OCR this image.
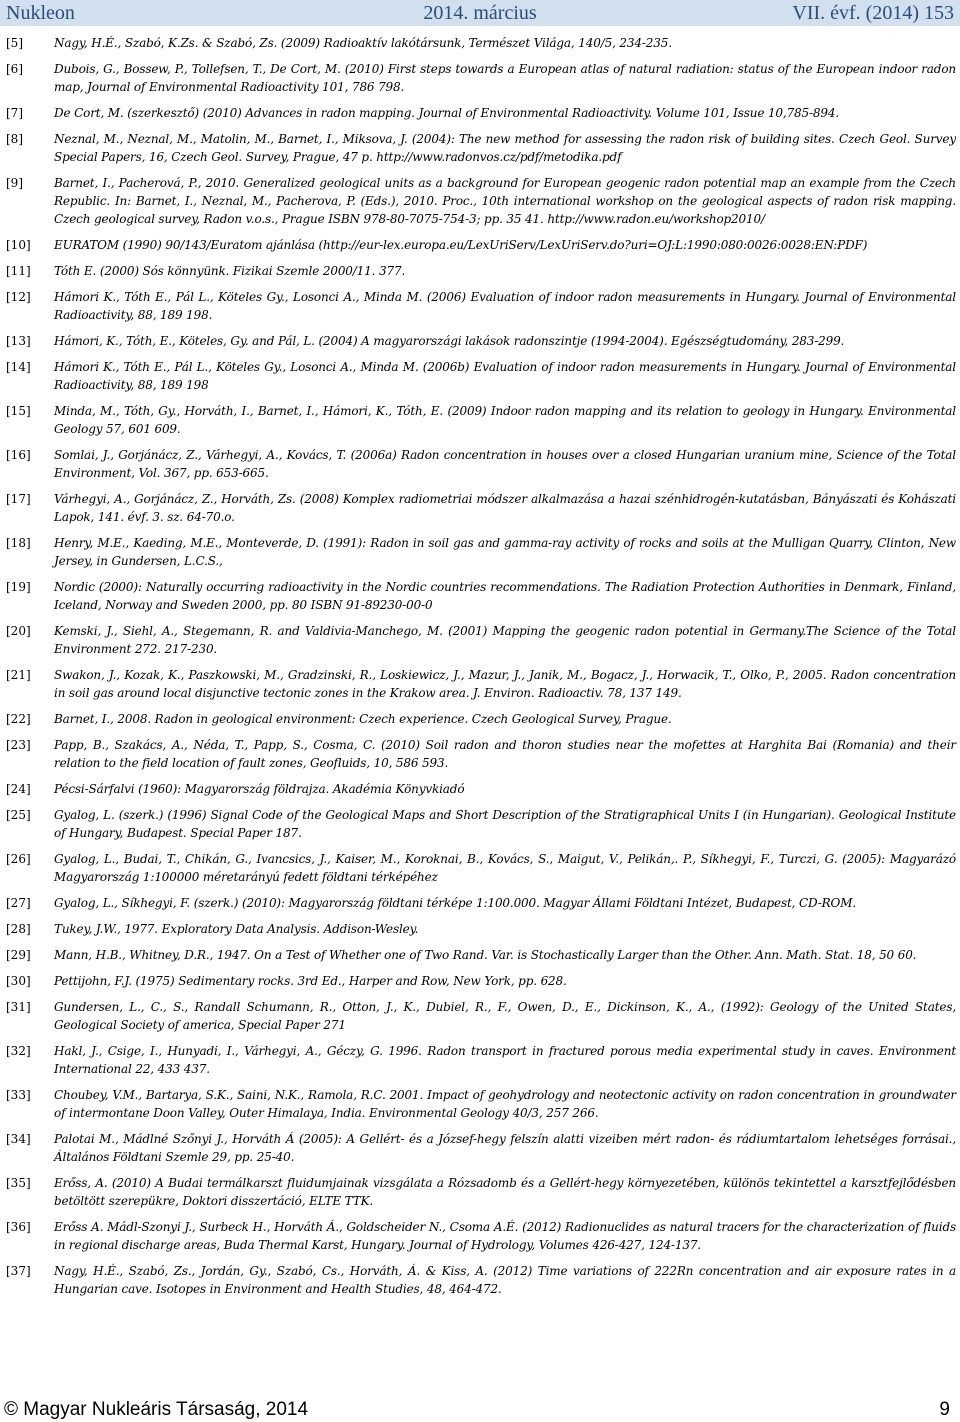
Nukleon	2014. március	VII. évf. (2014) 153
[5]	Nagy, H.É., Szabó, K.Zs. & Szabó, Zs. (2009) Radioaktív lakótársunk, Természet Világa, 140/5, 234-235.
[6]	Dubois, G., Bossew, P., Tollefsen, T., De Cort, M. (2010) First steps towards a European atlas of natural radiation: status of the European indoor radon map, Journal of Environmental Radioactivity 101, 786 798.
[7]	De Cort, M. (szerkesztő) (2010) Advances in radon mapping. Journal of Environmental Radioactivity. Volume 101, Issue 10,785-894.
[8]	Neznal, M., Neznal, M., Matolin, M., Barnet, I., Miksova, J. (2004): The new method for assessing the radon risk of building sites. Czech Geol. Survey Special Papers, 16, Czech Geol. Survey, Prague, 47 p. http://www.radonvos.cz/pdf/metodika.pdf
[9]	Barnet, I., Pacherová, P., 2010. Generalized geological units as a background for European geogenic radon potential map an example from the Czech Republic. In: Barnet, I., Neznal, M., Pacherova, P. (Eds.), 2010. Proc., 10th international workshop on the geological aspects of radon risk mapping. Czech geological survey, Radon v.o.s., Prague ISBN 978-80-7075-754-3; pp. 35 41. http://www.radon.eu/workshop2010/
[10]	EURATOM (1990) 90/143/Euratom ajánlása (http://eur-lex.europa.eu/LexUriServ/LexUriServ.do?uri=OJ:L:1990:080:0026:0028:EN:PDF)
[11]	Tóth E. (2000) Sós könnyünk. Fizikai Szemle 2000/11. 377.
[12]	Hámori K., Tóth E., Pál L., Köteles Gy., Losonci A., Minda M. (2006) Evaluation of indoor radon measurements in Hungary. Journal of Environmental Radioactivity, 88, 189 198.
[13]	Hámori, K., Tóth, E., Köteles, Gy. and Pál, L. (2004) A magyarországi lakások radonszintje (1994-2004). Egészségtudomány, 283-299.
[14]	Hámori K., Tóth E., Pál L., Köteles Gy., Losonci A., Minda M. (2006b) Evaluation of indoor radon measurements in Hungary. Journal of Environmental Radioactivity, 88, 189 198
[15]	Minda, M., Tóth, Gy., Horváth, I., Barnet, I., Hámori, K., Tóth, E. (2009) Indoor radon mapping and its relation to geology in Hungary. Environmental Geology 57, 601 609.
[16]	Somlai, J., Gorjánácz, Z., Várhegyi, A., Kovács, T. (2006a) Radon concentration in houses over a closed Hungarian uranium mine, Science of the Total Environment, Vol. 367, pp. 653-665.
[17]	Várhegyi, A., Gorjánácz, Z., Horváth, Zs. (2008) Komplex radiometriai módszer alkalmazása a hazai szénhidrogén-kutatásban, Bányászati és Kohászati Lapok, 141. évf. 3. sz. 64-70.o.
[18]	Henry, M.E., Kaeding, M.E., Monteverde, D. (1991): Radon in soil gas and gamma-ray activity of rocks and soils at the Mulligan Quarry, Clinton, New Jersey, in Gundersen, L.C.S.,
[19]	Nordic (2000): Naturally occurring radioactivity in the Nordic countries recommendations. The Radiation Protection Authorities in Denmark, Finland, Iceland, Norway and Sweden 2000, pp. 80 ISBN 91-89230-00-0
[20]	Kemski, J., Siehl, A., Stegemann, R. and Valdivia-Manchego, M. (2001) Mapping the geogenic radon potential in Germany.The Science of the Total Environment 272. 217-230.
[21]	Swakon, J., Kozak, K., Paszkowski, M., Gradzinski, R., Loskiewicz, J., Mazur, J., Janik, M., Bogacz, J., Horwacik, T., Olko, P., 2005. Radon concentration in soil gas around local disjunctive tectonic zones in the Krakow area. J. Environ. Radioactiv. 78, 137 149.
[22]	Barnet, I., 2008. Radon in geological environment: Czech experience. Czech Geological Survey, Prague.
[23]	Papp, B., Szakács, A., Néda, T., Papp, S., Cosma, C. (2010) Soil radon and thoron studies near the mofettes at Harghita Bai (Romania) and their relation to the field location of fault zones, Geofluids, 10, 586 593.
[24]	Pécsi-Sárfalvi (1960): Magyarország földrajza. Akadémia Könyvkiadó
[25]	Gyalog, L. (szerk.) (1996) Signal Code of the Geological Maps and Short Description of the Stratigraphical Units I (in Hungarian). Geological Institute of Hungary, Budapest. Special Paper 187.
[26]	Gyalog, L., Budai, T., Chikán, G., Ivancsics, J., Kaiser, M., Koroknai, B., Kovács, S., Maigut, V., Pelikán,. P., Síkhegyi, F., Turczi, G. (2005): Magyarázó Magyarország 1:100000 méretarányú fedett földtani térképéhez
[27]	Gyalog, L., Síkhegyi, F. (szerk.) (2010): Magyarország földtani térképe 1:100.000. Magyar Állami Földtani Intézet, Budapest, CD-ROM.
[28]	Tukey, J.W., 1977. Exploratory Data Analysis. Addison-Wesley.
[29]	Mann, H.B., Whitney, D.R., 1947. On a Test of Whether one of Two Rand. Var. is Stochastically Larger than the Other. Ann. Math. Stat. 18, 50 60.
[30]	Pettijohn, F.J. (1975) Sedimentary rocks. 3rd Ed., Harper and Row, New York, pp. 628.
[31]	Gundersen, L., C., S., Randall Schumann, R., Otton, J., K., Dubiel, R., F., Owen, D., E., Dickinson, K., A., (1992): Geology of the United States, Geological Society of america, Special Paper 271
[32]	Hakl, J., Csige, I., Hunyadi, I., Várhegyi, A., Géczy, G. 1996. Radon transport in fractured porous media experimental study in caves. Environment International 22, 433 437.
[33]	Choubey, V.M., Bartarya, S.K., Saini, N.K., Ramola, R.C. 2001. Impact of geohydrology and neotectonic activity on radon concentration in groundwater of intermontane Doon Valley, Outer Himalaya, India. Environmental Geology 40/3, 257 266.
[34]	Palotai M., Mádlné Szőnyi J., Horváth Á (2005): A Gellért- és a József-hegy felszín alatti vizeiben mért radon- és rádiumtartalom lehetséges forrásai., Általános Földtani Szemle 29, pp. 25-40.
[35]	Erőss, A. (2010) A Budai termálkarszt fluidumjainak vizsgálata a Rózsadomb és a Gellért-hegy környezetében, különös tekintettel a karsztfejlődésben betöltött szerepükre, Doktori disszertáció, ELTE TTK.
[36]	Erőss A. Mádl-Szonyi J., Surbeck H., Horváth Á., Goldscheider N., Csoma A.É. (2012) Radionuclides as natural tracers for the characterization of fluids in regional discharge areas, Buda Thermal Karst, Hungary. Journal of Hydrology, Volumes 426-427, 124-137.
[37]	Nagy, H.É., Szabó, Zs., Jordán, Gy., Szabó, Cs., Horváth, Á. & Kiss, A. (2012) Time variations of 222Rn concentration and air exposure rates in a Hungarian cave. Isotopes in Environment and Health Studies, 48, 464-472.
© Magyar Nukleáris Társaság, 2014	9
